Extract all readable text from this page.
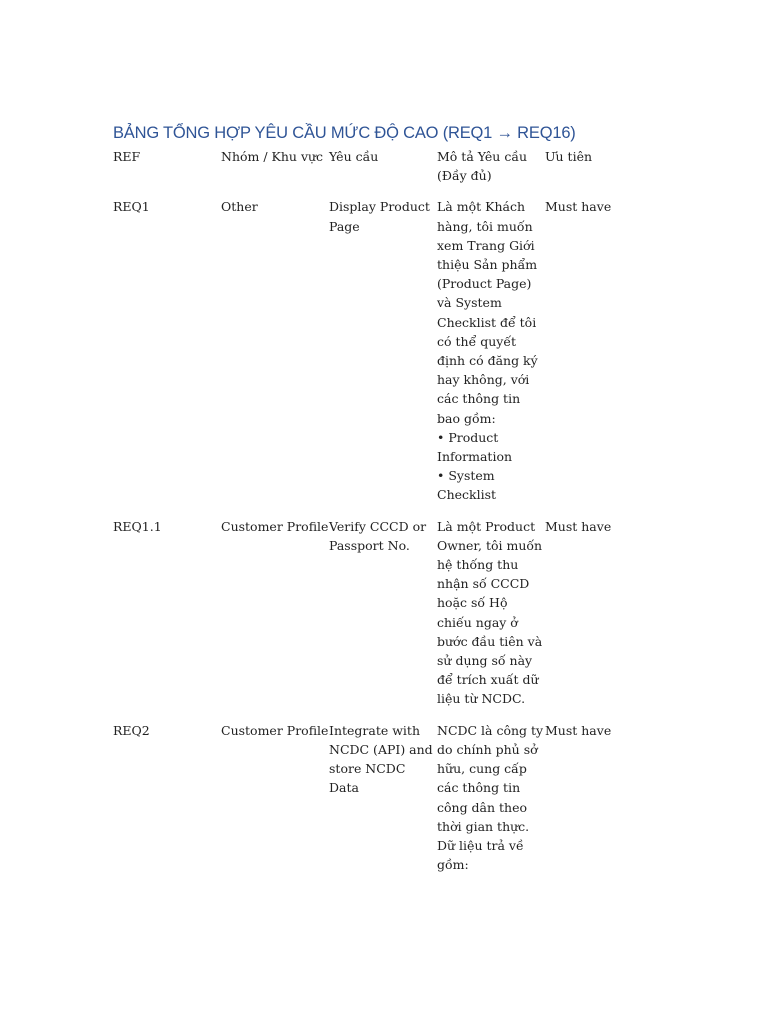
BẢNG TỔNG HỢP YÊU CẦU MỨC ĐỘ CAO (REQ1 → REQ16)
REF	Nhóm / Khu vực	Yêu cầu	Mô tả Yêu cầu (Đầy đủ)	Ưu tiên
REQ1	Other	Display Product Page	Là một Khách hàng, tôi muốn xem Trang Giới thiệu Sản phẩm (Product Page) và System Checklist để tôi có thể quyết định có đăng ký hay không, với các thông tin bao gồm:
• Product Information
• System Checklist	Must have
REQ1.1	Customer Profile	Verify CCCD or Passport No.	Là một Product Owner, tôi muốn hệ thống thu nhận số CCCD hoặc số Hộ chiếu ngay ở bước đầu tiên và sử dụng số này để trích xuất dữ liệu từ NCDC.	Must have
REQ2	Customer Profile	Integrate with NCDC (API) and store NCDC Data	NCDC là công ty do chính phủ sở hữu, cung cấp các thông tin công dân theo thời gian thực. Dữ liệu trả về gồm:	Must have
